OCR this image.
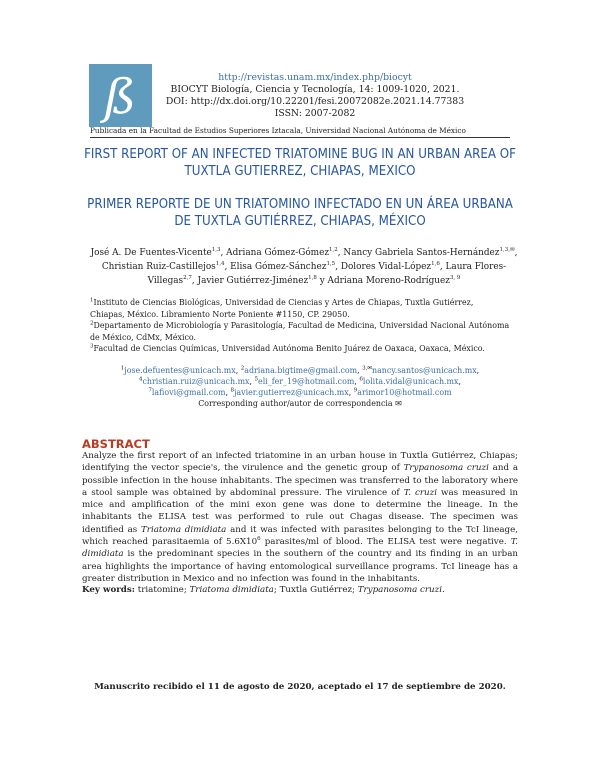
ß	http://revistas.unam.mx/index.php/biocyt
BIOCYT Biología, Ciencia y Tecnología, 14: 1009-1020, 2021.
DOI: http://dx.doi.org/10.22201/fesi.20072082e.2021.14.77383
ISSN: 2007-2082
Publicada en la Facultad de Estudios Superiores Iztacala, Universidad Nacional Autónoma de México
FIRST REPORT OF AN INFECTED TRIATOMINE BUG IN AN URBAN AREA OF TUXTLA GUTIERREZ, CHIAPAS, MEXICO
PRIMER REPORTE DE UN TRIATOMINO INFECTADO EN UN ÁREA URBANA DE TUXTLA GUTIÉRREZ, CHIAPAS, MÉXICO
José A. De Fuentes-Vicente$^{1,3}$, Adriana Gómez-Gómez$^{1,2}$, Nancy Gabriela Santos-Hernández$^{1,3,✉}$, Christian Ruiz-Castillejos$^{1,4}$, Elisa Gómez-Sánchez$^{1,5}$, Dolores Vidal-López$^{1,6}$, Laura Flores-Villegas$^{2,7}$, Javier Gutiérrez-Jiménez$^{1,8}$ y Adriana Moreno-Rodríguez$^{3, 9}$
$^1$Instituto de Ciencias Biológicas, Universidad de Ciencias y Artes de Chiapas, Tuxtla Gutiérrez, Chiapas, México. Libramiento Norte Poniente #1150, CP. 29050.
$^2$Departamento de Microbiología y Parasitología, Facultad de Medicina, Universidad Nacional Autónoma de México, CdMx, México.
$^3$Facultad de Ciencias Químicas, Universidad Autónoma Benito Juárez de Oaxaca, Oaxaca, México.
$^1$jose.defuentes@unicach.mx, $^2$adriana.bigtime@gmail.com, $^{3,✉}$nancy.santos@unicach.mx, $^4$christian.ruiz@unicach.mx, $^5$eli_fer_19@hotmail.com, $^6$lolita.vidal@unicach.mx, $^7$lafiovi@gmail.com, $^8$javier.gutierrez@unicach.mx, $^9$arimor10@hotmail.com
Corresponding author/autor de correspondencia ✉
ABSTRACT
Analyze the first report of an infected triatomine in an urban house in Tuxtla Gutiérrez, Chiapas; identifying the vector specie's, the virulence and the genetic group of Trypanosoma cruzi and a possible infection in the house inhabitants. The specimen was transferred to the laboratory where a stool sample was obtained by abdominal pressure. The virulence of T. cruzi was measured in mice and amplification of the mini exon gene was done to determine the lineage. In the inhabitants the ELISA test was performed to rule out Chagas disease. The specimen was identified as Triatoma dimidiata and it was infected with parasites belonging to the TcI lineage, which reached parasitaemia of $5.6X10^6$ parasites/ml of blood. The ELISA test were negative. T. dimidiata is the predominant species in the southern of the country and its finding in an urban area highlights the importance of having entomological surveillance programs. TcI lineage has a greater distribution in Mexico and no infection was found in the inhabitants.
Key words: triatomine; Triatoma dimidiata; Tuxtla Gutiérrez; Trypanosoma cruzi.
Manuscrito recibido el 11 de agosto de 2020, aceptado el 17 de septiembre de 2020.
